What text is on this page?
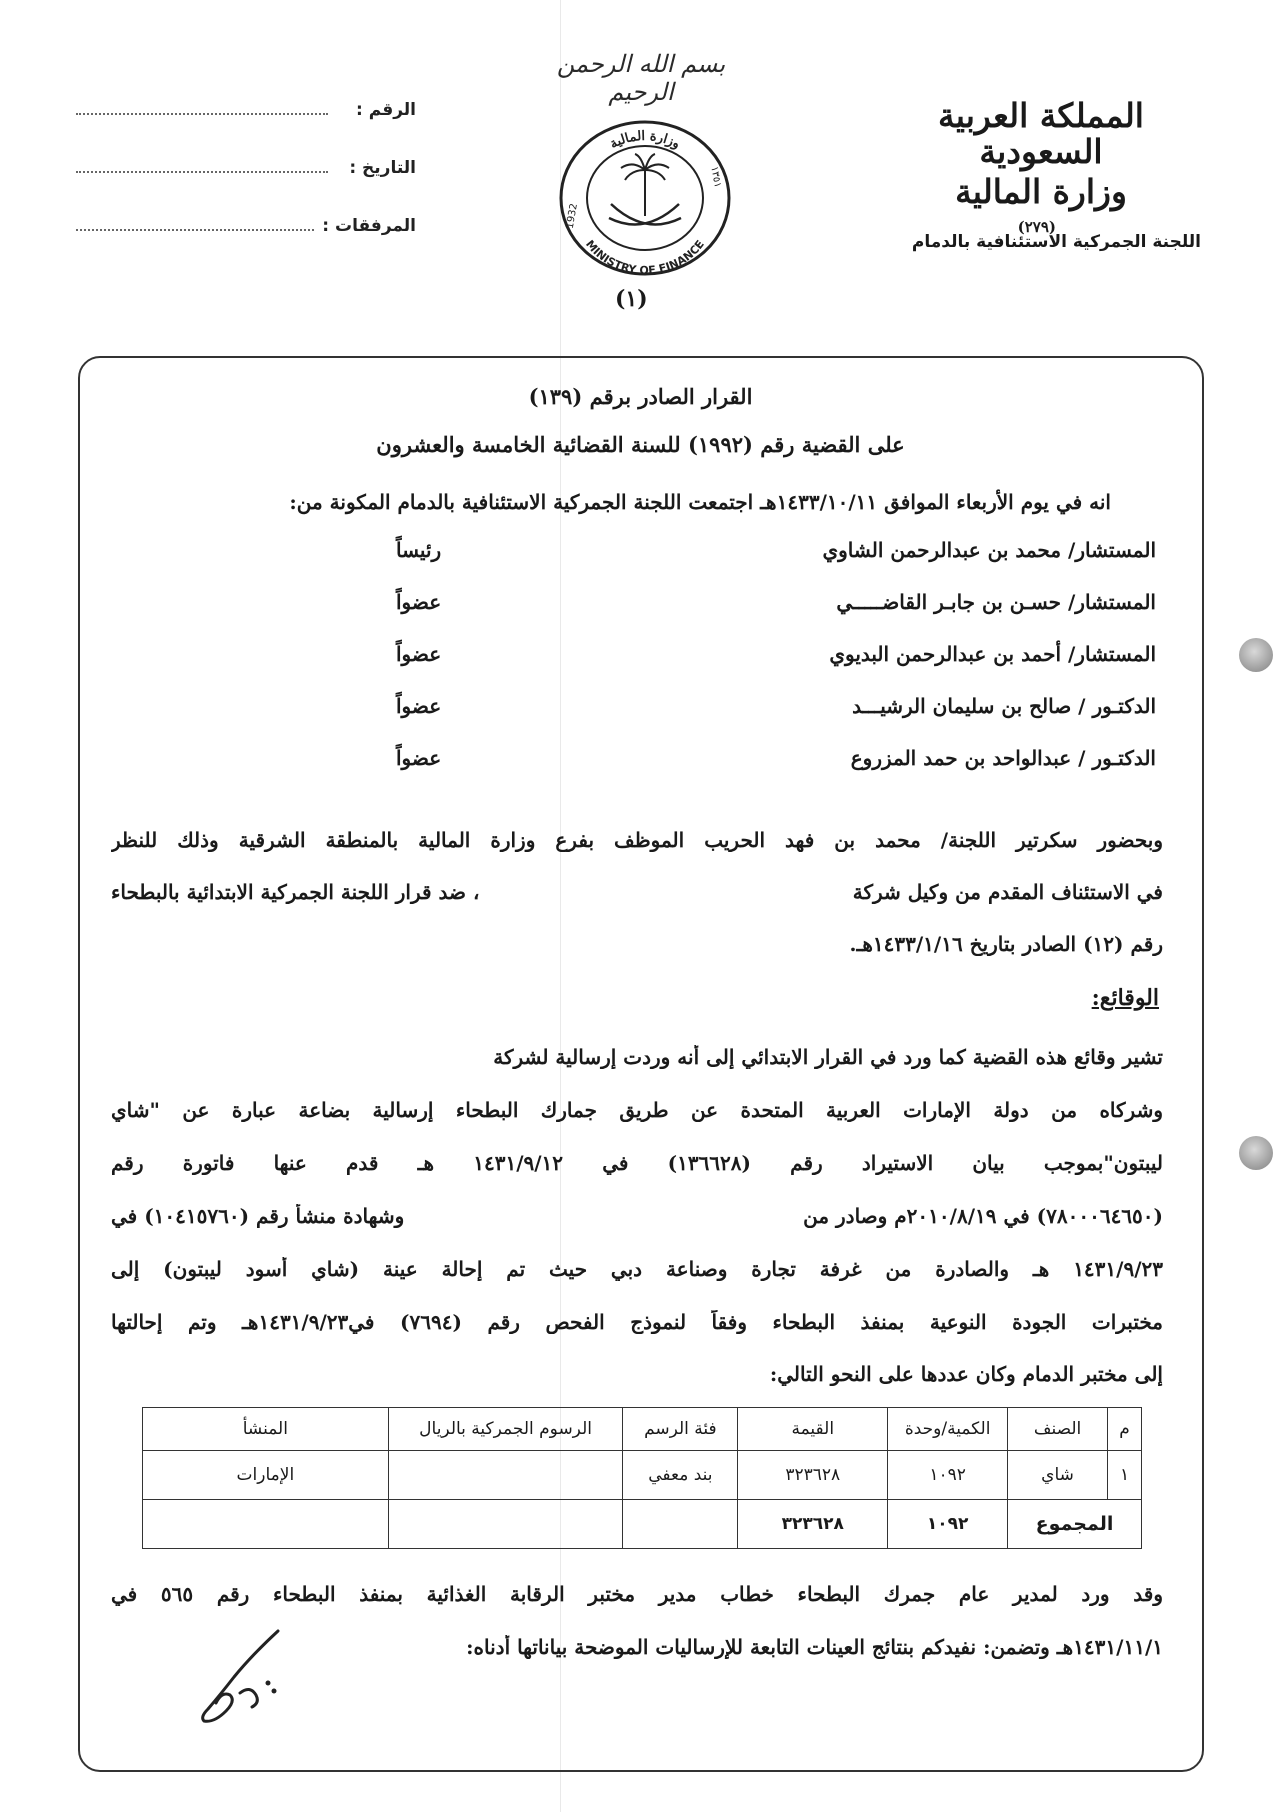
الرقم :
التاريخ :
المرفقات :
بسم الله الرحمن الرحيم
وزارة المالية
MINISTRY OF FINANCE
1932
١٣٥١
(١)
المملكة العربية السعودية
وزارة المالية
(٢٧٩)
اللجنة الجمركية الاستئنافية بالدمام
القرار الصادر برقم (١٣٩)
على القضية رقم (١٩٩٢) للسنة القضائية الخامسة والعشرون
انه في يوم الأربعاء الموافق ١٤٣٣/١٠/١١هـ اجتمعت اللجنة الجمركية الاستئنافية بالدمام المكونة من:
المستشار/ محمد بن عبدالرحمن الشاوي
رئيساً
المستشار/ حسـن بن جابـر القاضـــــي
عضواً
المستشار/ أحمد بن عبدالرحمن البديوي
عضواً
الدكتـور / صالح بن سليمان الرشيـــد
عضواً
الدكتـور / عبدالواحد بن حمد المزروع
عضواً
وبحضور سكرتير اللجنة/ محمد بن فهد الحريب الموظف بفرع وزارة المالية بالمنطقة الشرقية وذلك للنظر
في الاستئناف المقدم من وكيل شركة
، ضد قرار اللجنة الجمركية الابتدائية بالبطحاء
رقم (١٢) الصادر بتاريخ ١٤٣٣/١/١٦هـ.
الوقائع:
تشير وقائع هذه القضية كما ورد في القرار الابتدائي إلى أنه وردت إرسالية لشركة
وشركاه من دولة الإمارات العربية المتحدة عن طريق جمارك البطحاء إرسالية بضاعة عبارة عن "شاي
ليبتون"بموجب بيان الاستيراد رقم (١٣٦٦٢٨) في ١٤٣١/٩/١٢ هـ قدم عنها فاتورة رقم
(٧٨٠٠٠٦٤٦٥٠) في ٢٠١٠/٨/١٩م وصادر من
وشهادة منشأ رقم (١٠٤١٥٧٦٠) في
١٤٣١/٩/٢٣ هـ والصادرة من غرفة تجارة وصناعة دبي حيث تم إحالة عينة (شاي أسود ليبتون) إلى
مختبرات الجودة النوعية بمنفذ البطحاء وفقاً لنموذج الفحص رقم (٧٦٩٤) في١٤٣١/٩/٢٣هـ وتم إحالتها
إلى مختبر الدمام وكان عددها على النحو التالي:
م	الصنف	الكمية/وحدة	القيمة	فئة الرسم	الرسوم الجمركية بالريال	المنشأ
١	شاي	١٠٩٢	٣٢٣٦٢٨	بند معفي		الإمارات
المجموع		١٠٩٢	٣٢٣٦٢٨			
وقد ورد لمدير عام جمرك البطحاء خطاب مدير مختبر الرقابة الغذائية بمنفذ البطحاء رقم ٥٦٥ في
١٤٣١/١١/١هـ وتضمن: نفيدكم بنتائج العينات التابعة للإرساليات الموضحة بياناتها أدناه:
